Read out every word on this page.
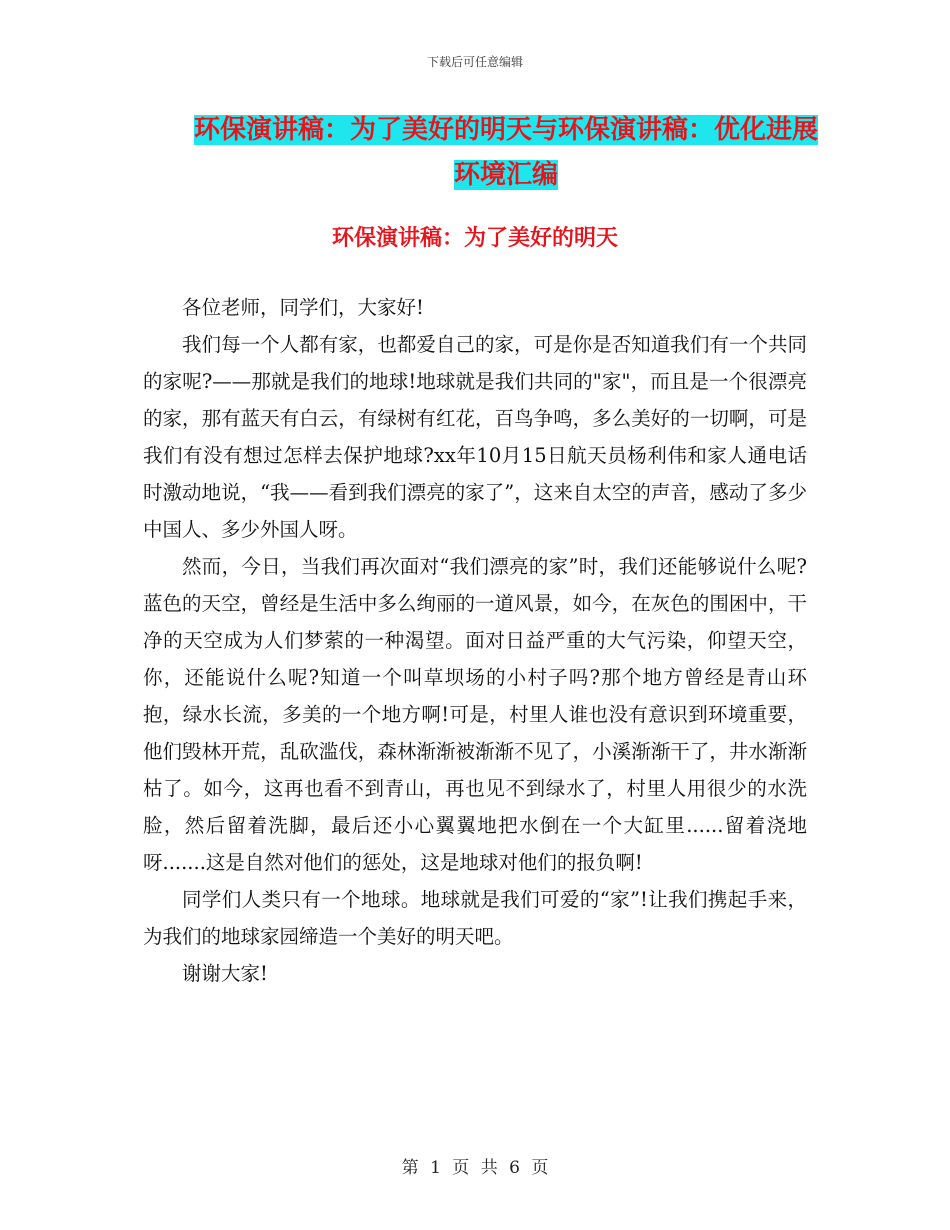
下载后可任意编辑
环保演讲稿：为了美好的明天与环保演讲稿：优化进展环境汇编
环保演讲稿：为了美好的明天

各位老师，同学们，大家好!

我们每一个人都有家，也都爱自己的家，可是你是否知道我们有一个共同的家呢?——那就是我们的地球!地球就是我们共同的"家"，而且是一个很漂亮的家，那有蓝天有白云，有绿树有红花，百鸟争鸣，多么美好的一切啊，可是我们有没有想过怎样去保护地球?xx年10月15日航天员杨利伟和家人通电话时激动地说，“我——看到我们漂亮的家了”，这来自太空的声音，感动了多少中国人、多少外国人呀。

然而，今日，当我们再次面对“我们漂亮的家”时，我们还能够说什么呢?蓝色的天空，曾经是生活中多么绚丽的一道风景，如今，在灰色的围困中，干净的天空成为人们梦萦的一种渴望。面对日益严重的大气污染，仰望天空，你，还能说什么呢?知道一个叫草坝场的小村子吗?那个地方曾经是青山环抱，绿水长流，多美的一个地方啊!可是，村里人谁也没有意识到环境重要，他们毁林开荒，乱砍滥伐，森林渐渐被渐渐不见了，小溪渐渐干了，井水渐渐枯了。如今，这再也看不到青山，再也见不到绿水了，村里人用很少的水洗脸，然后留着洗脚，最后还小心翼翼地把水倒在一个大缸里......留着浇地呀.......这是自然对他们的惩处，这是地球对他们的报负啊!

同学们人类只有一个地球。地球就是我们可爱的“家”!让我们携起手来，为我们的地球家园缔造一个美好的明天吧。

谢谢大家!

第 1 页 共 6 页
